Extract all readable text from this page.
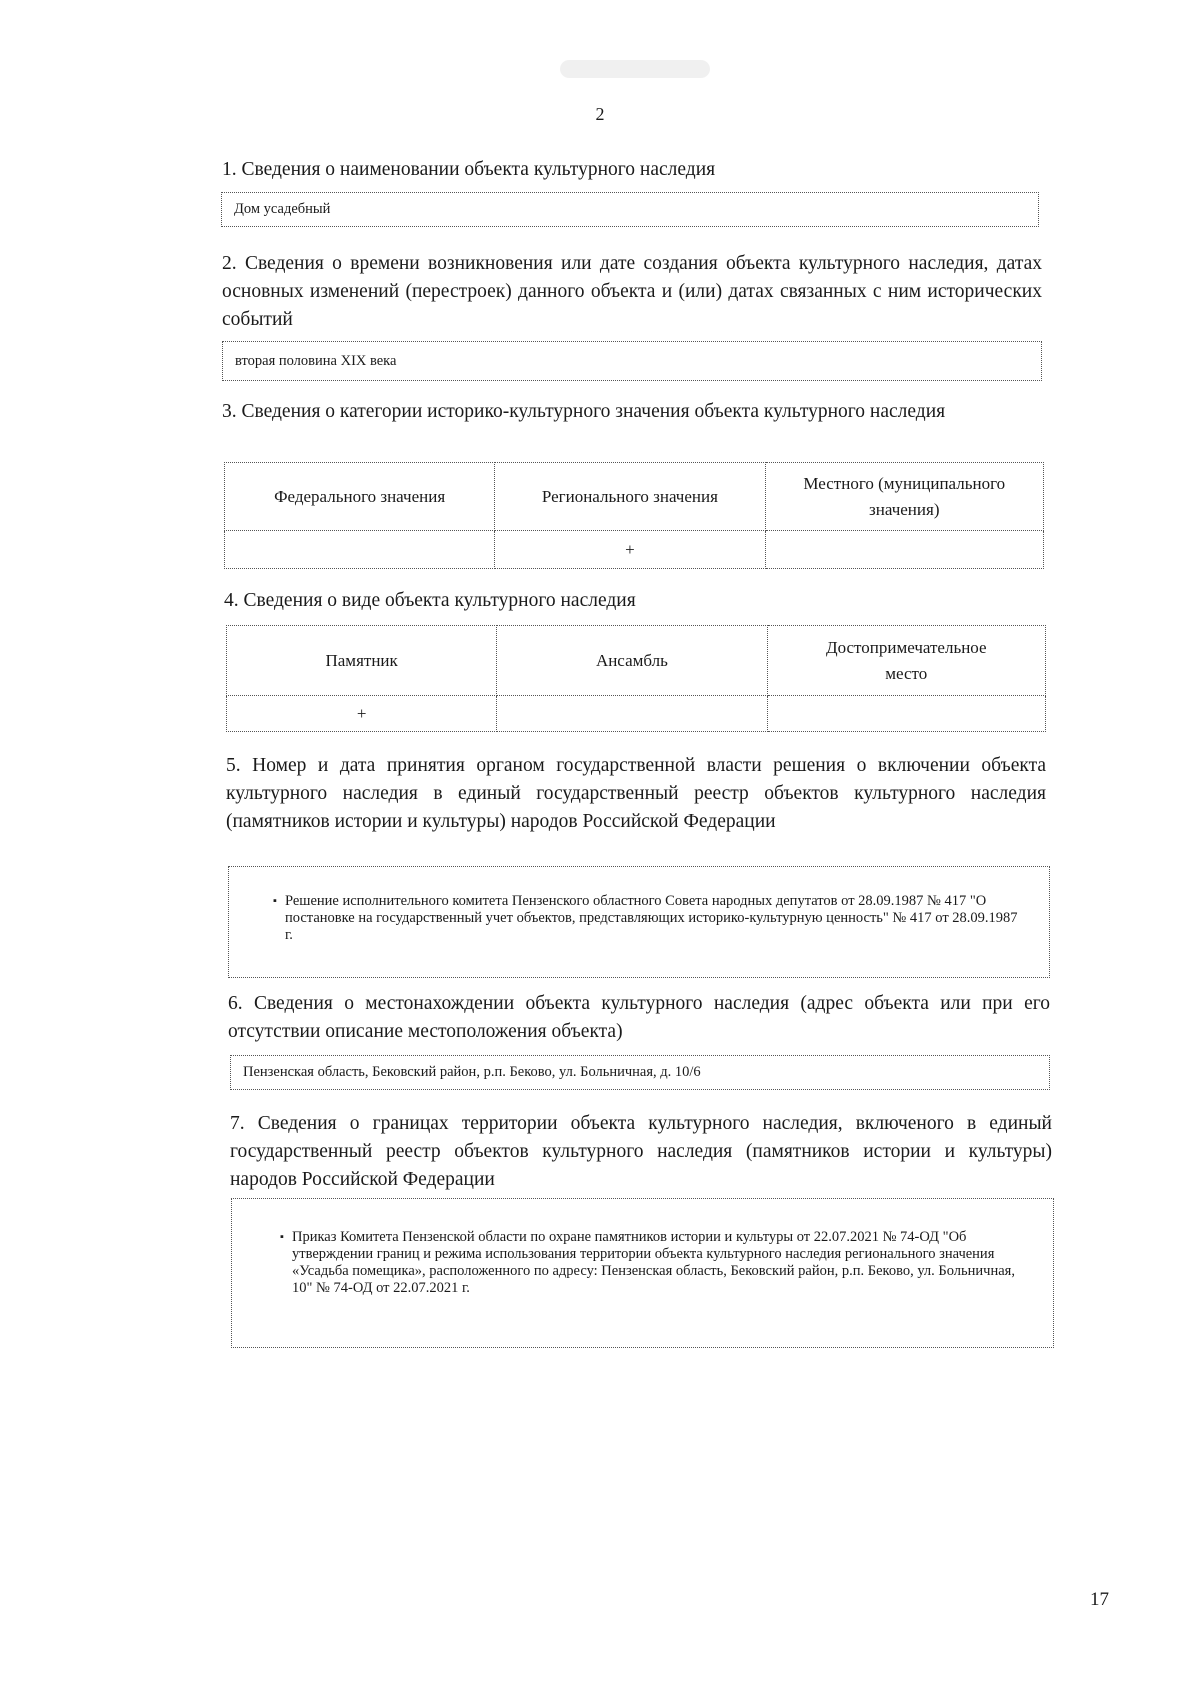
2
1. Сведения о наименовании объекта культурного наследия
Дом усадебный
2. Сведения о времени возникновения или дате создания объекта культурного наследия, датах основных изменений (перестроек) данного объекта и (или) датах связанных с ним исторических событий
вторая половина XIX века
3. Сведения о категории историко-культурного значения объекта культурного наследия
Федерального значения	Регионального значения	Местного (муниципального значения)
	+	
4. Сведения о виде объекта культурного наследия
Памятник	Ансамбль	Достопримечательное место
+		
5. Номер и дата принятия органом государственной власти решения о включении объекта культурного наследия в единый государственный реестр объектов культурного наследия (памятников истории и культуры) народов Российской Федерации
▪ Решение исполнительного комитета Пензенского областного Совета народных депутатов от 28.09.1987 № 417 "О постановке на государственный учет объектов, представляющих историко-культурную ценность" № 417 от 28.09.1987 г.
6. Сведения о местонахождении объекта культурного наследия (адрес объекта или при его отсутствии описание местоположения объекта)
Пензенская область, Бековский район, р.п. Беково, ул. Больничная, д. 10/6
7. Сведения о границах территории объекта культурного наследия, включеного в единый государственный реестр объектов культурного наследия (памятников истории и культуры) народов Российской Федерации
▪ Приказ Комитета Пензенской области по охране памятников истории и культуры от 22.07.2021 № 74-ОД "Об утверждении границ и режима использования территории объекта культурного наследия регионального значения «Усадьба помещика», расположенного по адресу: Пензенская область, Бековский район, р.п. Беково, ул. Больничная, 10" № 74-ОД от 22.07.2021 г.
17
